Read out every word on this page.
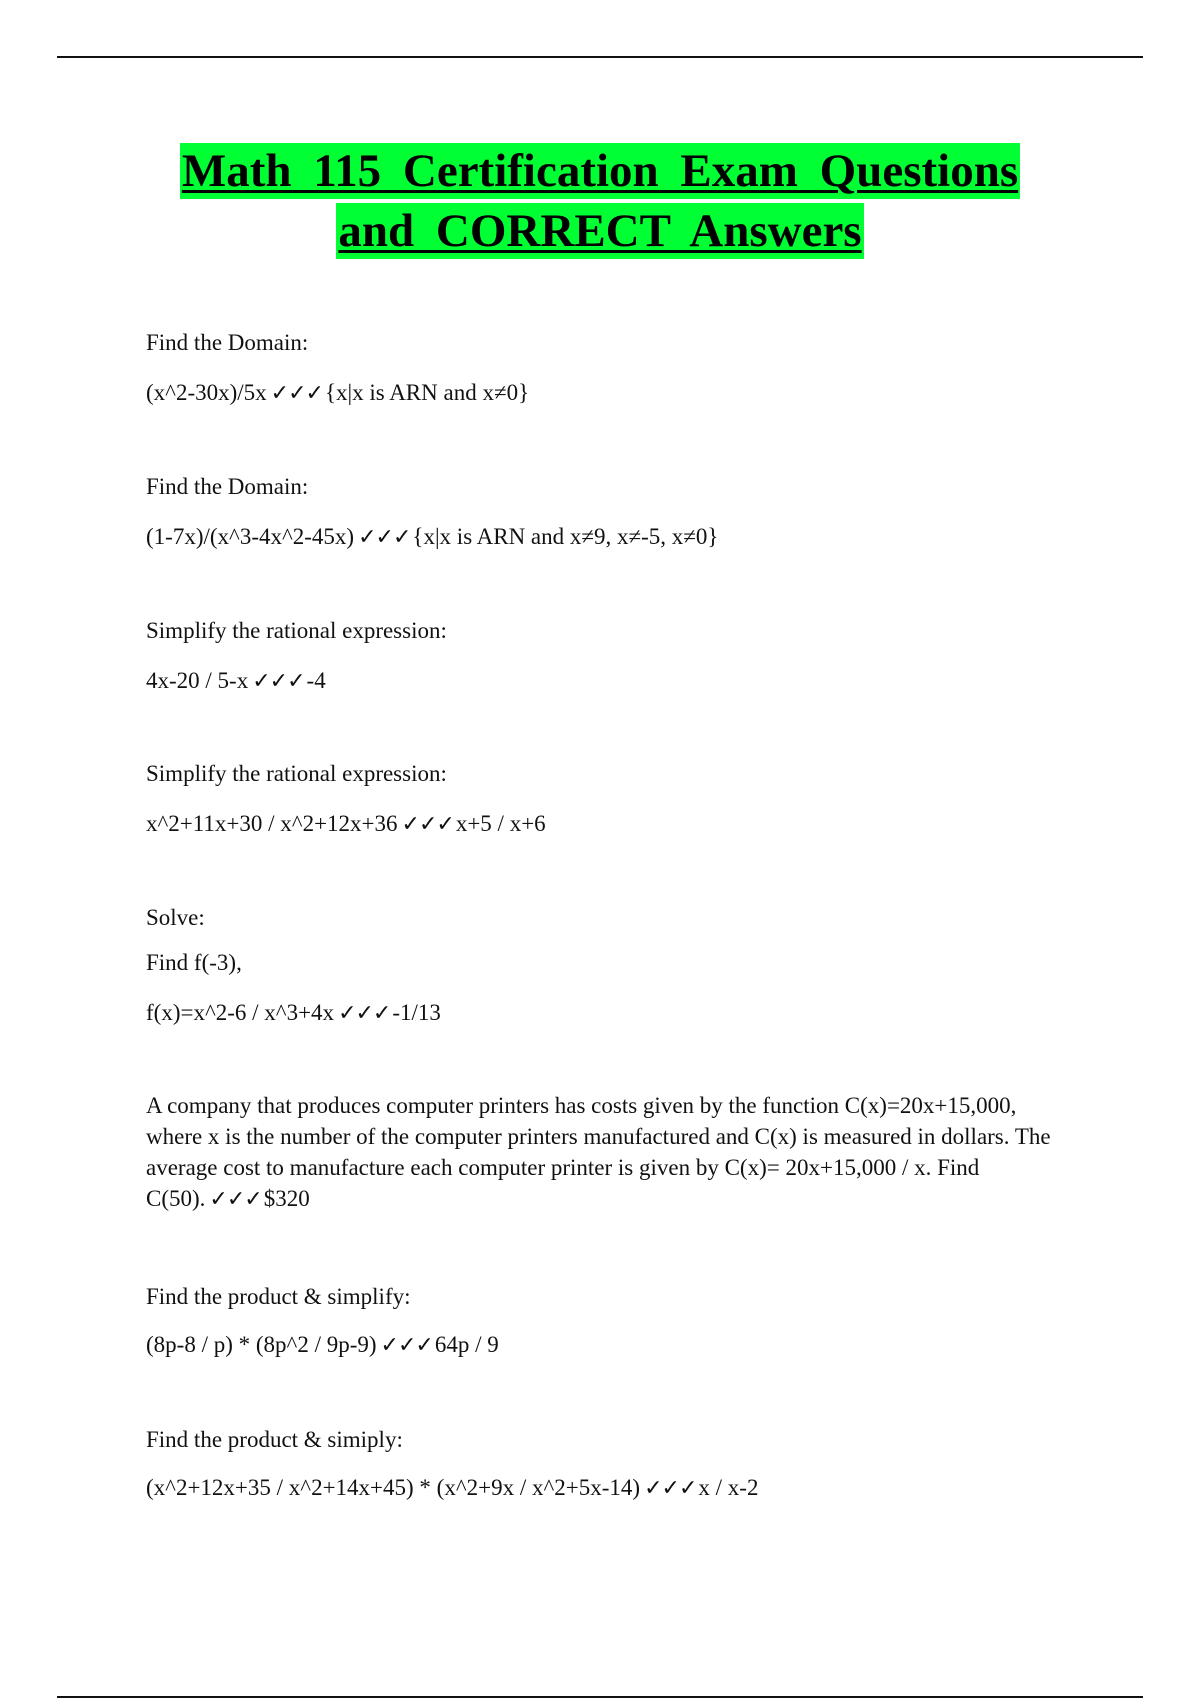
Math 115 Certification Exam Questions
and CORRECT Answers

Find the Domain:

(x^2-30x)/5x ✓✓✓{x|x is ARN and x≠0}

Find the Domain:

(1-7x)/(x^3-4x^2-45x) ✓✓✓{x|x is ARN and x≠9, x≠-5, x≠0}

Simplify the rational expression:

4x-20 / 5-x ✓✓✓-4

Simplify the rational expression:

x^2+11x+30 / x^2+12x+36 ✓✓✓x+5 / x+6

Solve:

Find f(-3),

f(x)=x^2-6 / x^3+4x ✓✓✓-1/13

A company that produces computer printers has costs given by the function C(x)=20x+15,000, where x is the number of the computer printers manufactured and C(x) is measured in dollars. The average cost to manufacture each computer printer is given by C(x)= 20x+15,000 / x. Find C(50). ✓✓✓$320

Find the product & simplify:

(8p-8 / p) * (8p^2 / 9p-9) ✓✓✓64p / 9

Find the product & simiply:

(x^2+12x+35 / x^2+14x+45) * (x^2+9x / x^2+5x-14) ✓✓✓x / x-2
